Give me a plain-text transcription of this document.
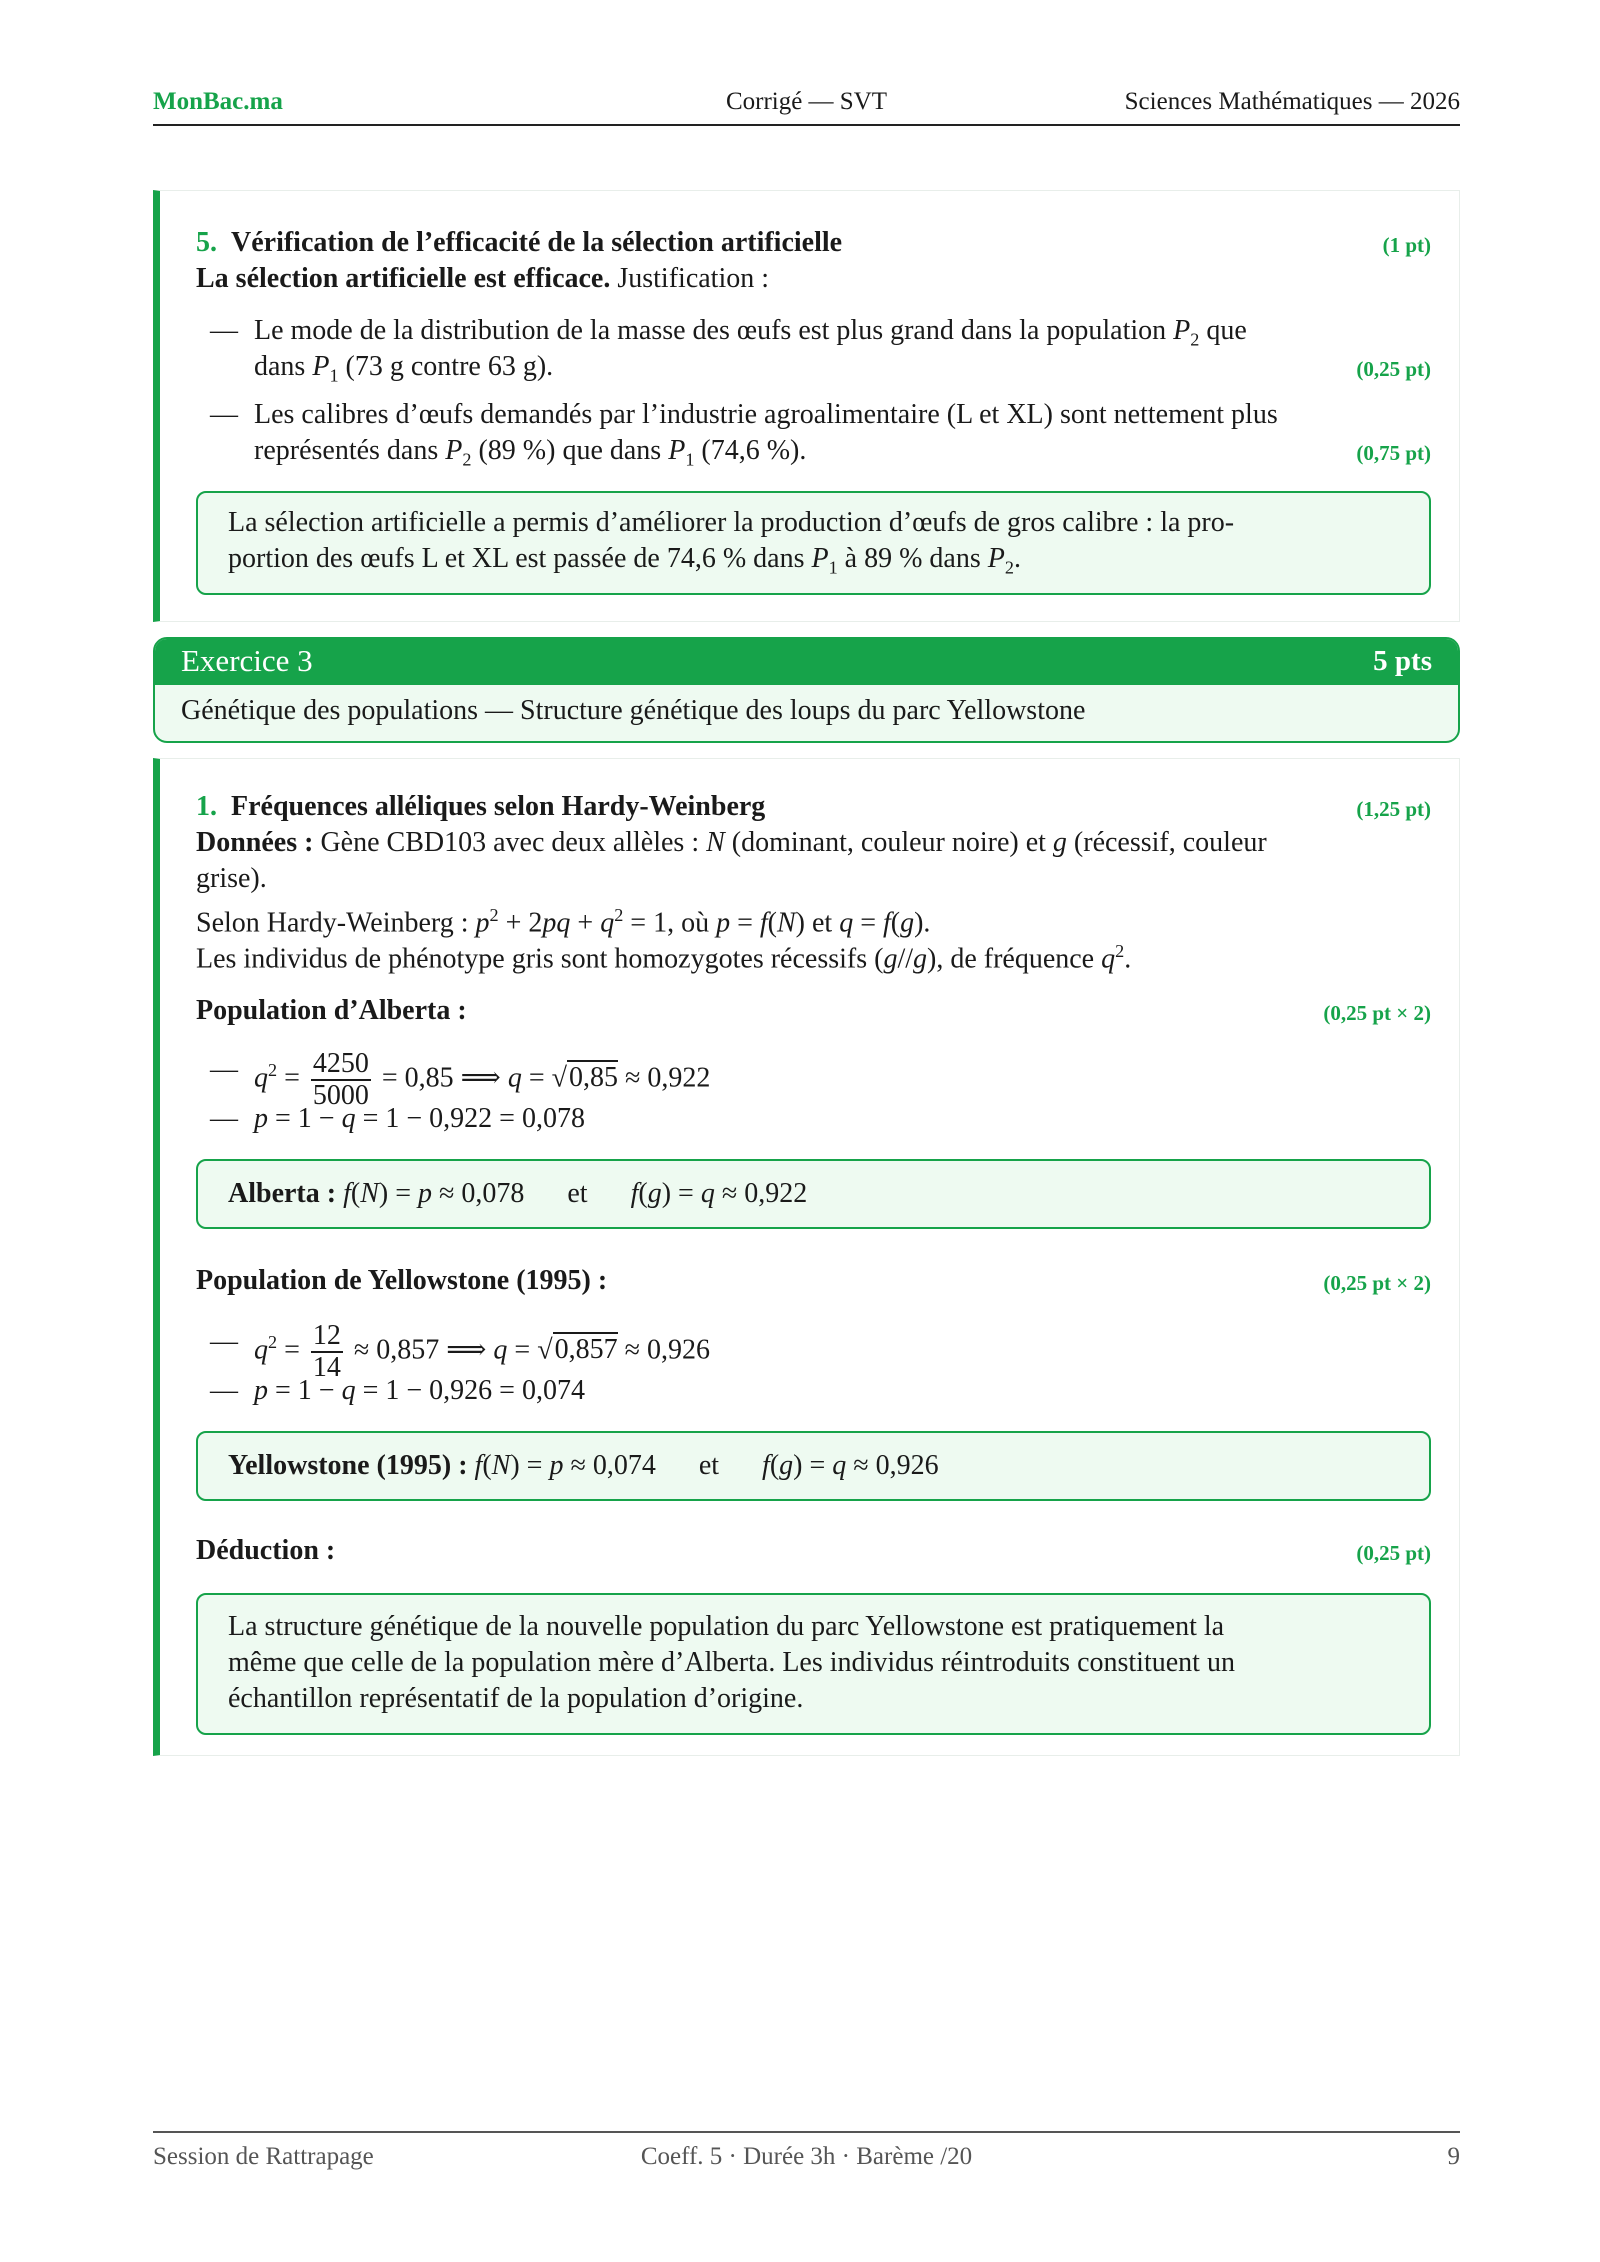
MonBac.ma	Corrigé — SVT	Sciences Mathématiques — 2026
5. Vérification de l’efficacité de la sélection artificielle	(1 pt)
La sélection artificielle est efficace. Justification :
— Le mode de la distribution de la masse des œufs est plus grand dans la population $P_2$ que
dans $P_1$ (73 g contre 63 g).	(0,25 pt)
— Les calibres d’œufs demandés par l’industrie agroalimentaire (L et XL) sont nettement plus
représentés dans $P_2$ (89 %) que dans $P_1$ (74,6 %).	(0,75 pt)
La sélection artificielle a permis d’améliorer la production d’œufs de gros calibre : la pro-
portion des œufs L et XL est passée de 74,6 % dans $P_1$ à 89 % dans $P_2$.
Exercice 3	5 pts
Génétique des populations — Structure génétique des loups du parc Yellowstone
1. Fréquences alléliques selon Hardy-Weinberg	(1,25 pt)
Données : Gène CBD103 avec deux allèles : N (dominant, couleur noire) et g (récessif, couleur
grise).
Selon Hardy-Weinberg : $p^2 + 2pq + q^2 = 1$, où p = f(N) et q = f(g).
Les individus de phénotype gris sont homozygotes récessifs (g//g), de fréquence $q^2$.
Population d’Alberta :	(0,25 pt × 2)
— $q^2 = \frac{4250}{5000} = 0,85$ ⟹ q = √0,85 ≈ 0,922
— p = 1 − q = 1 − 0,922 = 0,078
Alberta : f(N) = p ≈ 0,078 et f(g) = q ≈ 0,922
Population de Yellowstone (1995) :	(0,25 pt × 2)
— $q^2 = \frac{12}{14} \approx 0,857$ ⟹ q = √0,857 ≈ 0,926
— p = 1 − q = 1 − 0,926 = 0,074
Yellowstone (1995) : f(N) = p ≈ 0,074 et f(g) = q ≈ 0,926
Déduction :	(0,25 pt)
La structure génétique de la nouvelle population du parc Yellowstone est pratiquement la
même que celle de la population mère d’Alberta. Les individus réintroduits constituent un
échantillon représentatif de la population d’origine.
Session de Rattrapage	Coeff. 5 · Durée 3h · Barème /20	9
